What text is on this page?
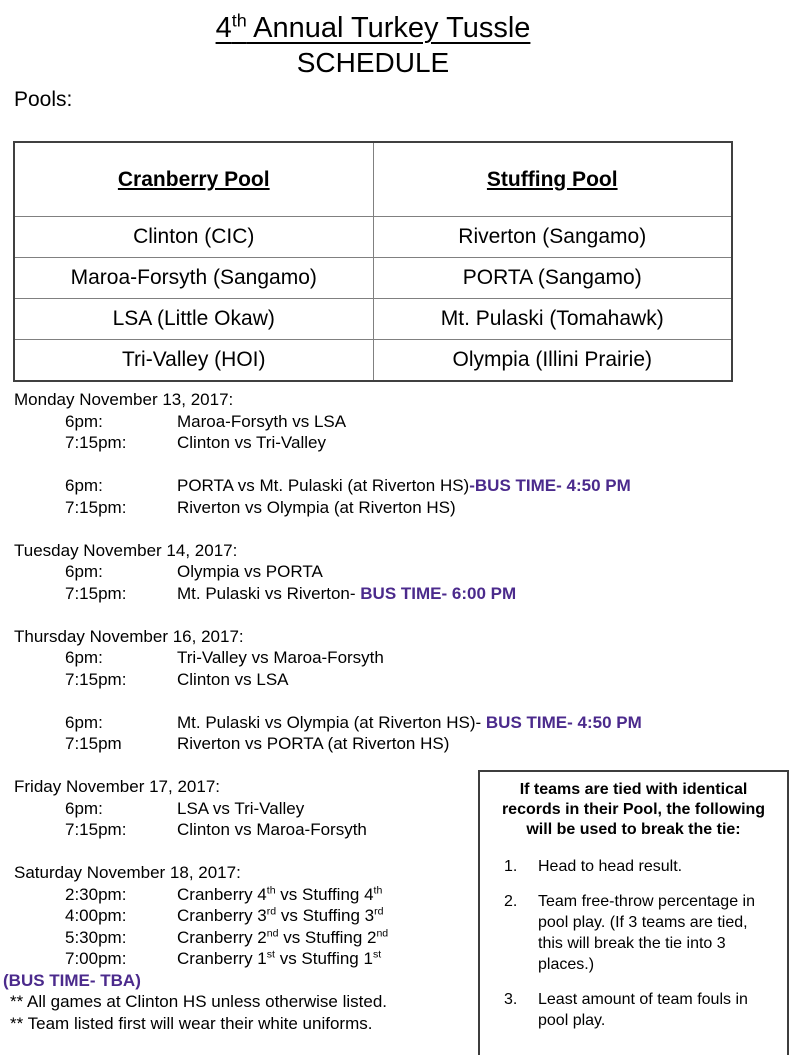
4th Annual Turkey Tussle
SCHEDULE
Pools:
Cranberry Pool	Stuffing Pool
Clinton (CIC)	Riverton (Sangamo)
Maroa-Forsyth (Sangamo)	PORTA (Sangamo)
LSA (Little Okaw)	Mt. Pulaski (Tomahawk)
Tri-Valley (HOI)	Olympia (Illini Prairie)
Monday November 13, 2017:
6pm:	Maroa-Forsyth vs LSA
7:15pm:	Clinton vs Tri-Valley
6pm:	PORTA vs Mt. Pulaski (at Riverton HS)-BUS TIME- 4:50 PM
7:15pm:	Riverton vs Olympia (at Riverton HS)
Tuesday November 14, 2017:
6pm:	Olympia vs PORTA
7:15pm:	Mt. Pulaski vs Riverton- BUS TIME- 6:00 PM
Thursday November 16, 2017:
6pm:	Tri-Valley vs Maroa-Forsyth
7:15pm:	Clinton vs LSA
6pm:	Mt. Pulaski vs Olympia (at Riverton HS)- BUS TIME- 4:50 PM
7:15pm	Riverton vs PORTA (at Riverton HS)
Friday November 17, 2017:
6pm:	LSA vs Tri-Valley
7:15pm:	Clinton vs Maroa-Forsyth
Saturday November 18, 2017:
2:30pm:	Cranberry 4th vs Stuffing 4th
4:00pm:	Cranberry 3rd vs Stuffing 3rd
5:30pm:	Cranberry 2nd vs Stuffing 2nd
7:00pm:	Cranberry 1st vs Stuffing 1st
(BUS TIME- TBA)
** All games at Clinton HS unless otherwise listed.
** Team listed first will wear their white uniforms.
If teams are tied with identical records in their Pool, the following will be used to break the tie:
1.	Head to head result.
2.	Team free-throw percentage in pool play. (If 3 teams are tied, this will break the tie into 3 places.)
3.	Least amount of team fouls in pool play.
